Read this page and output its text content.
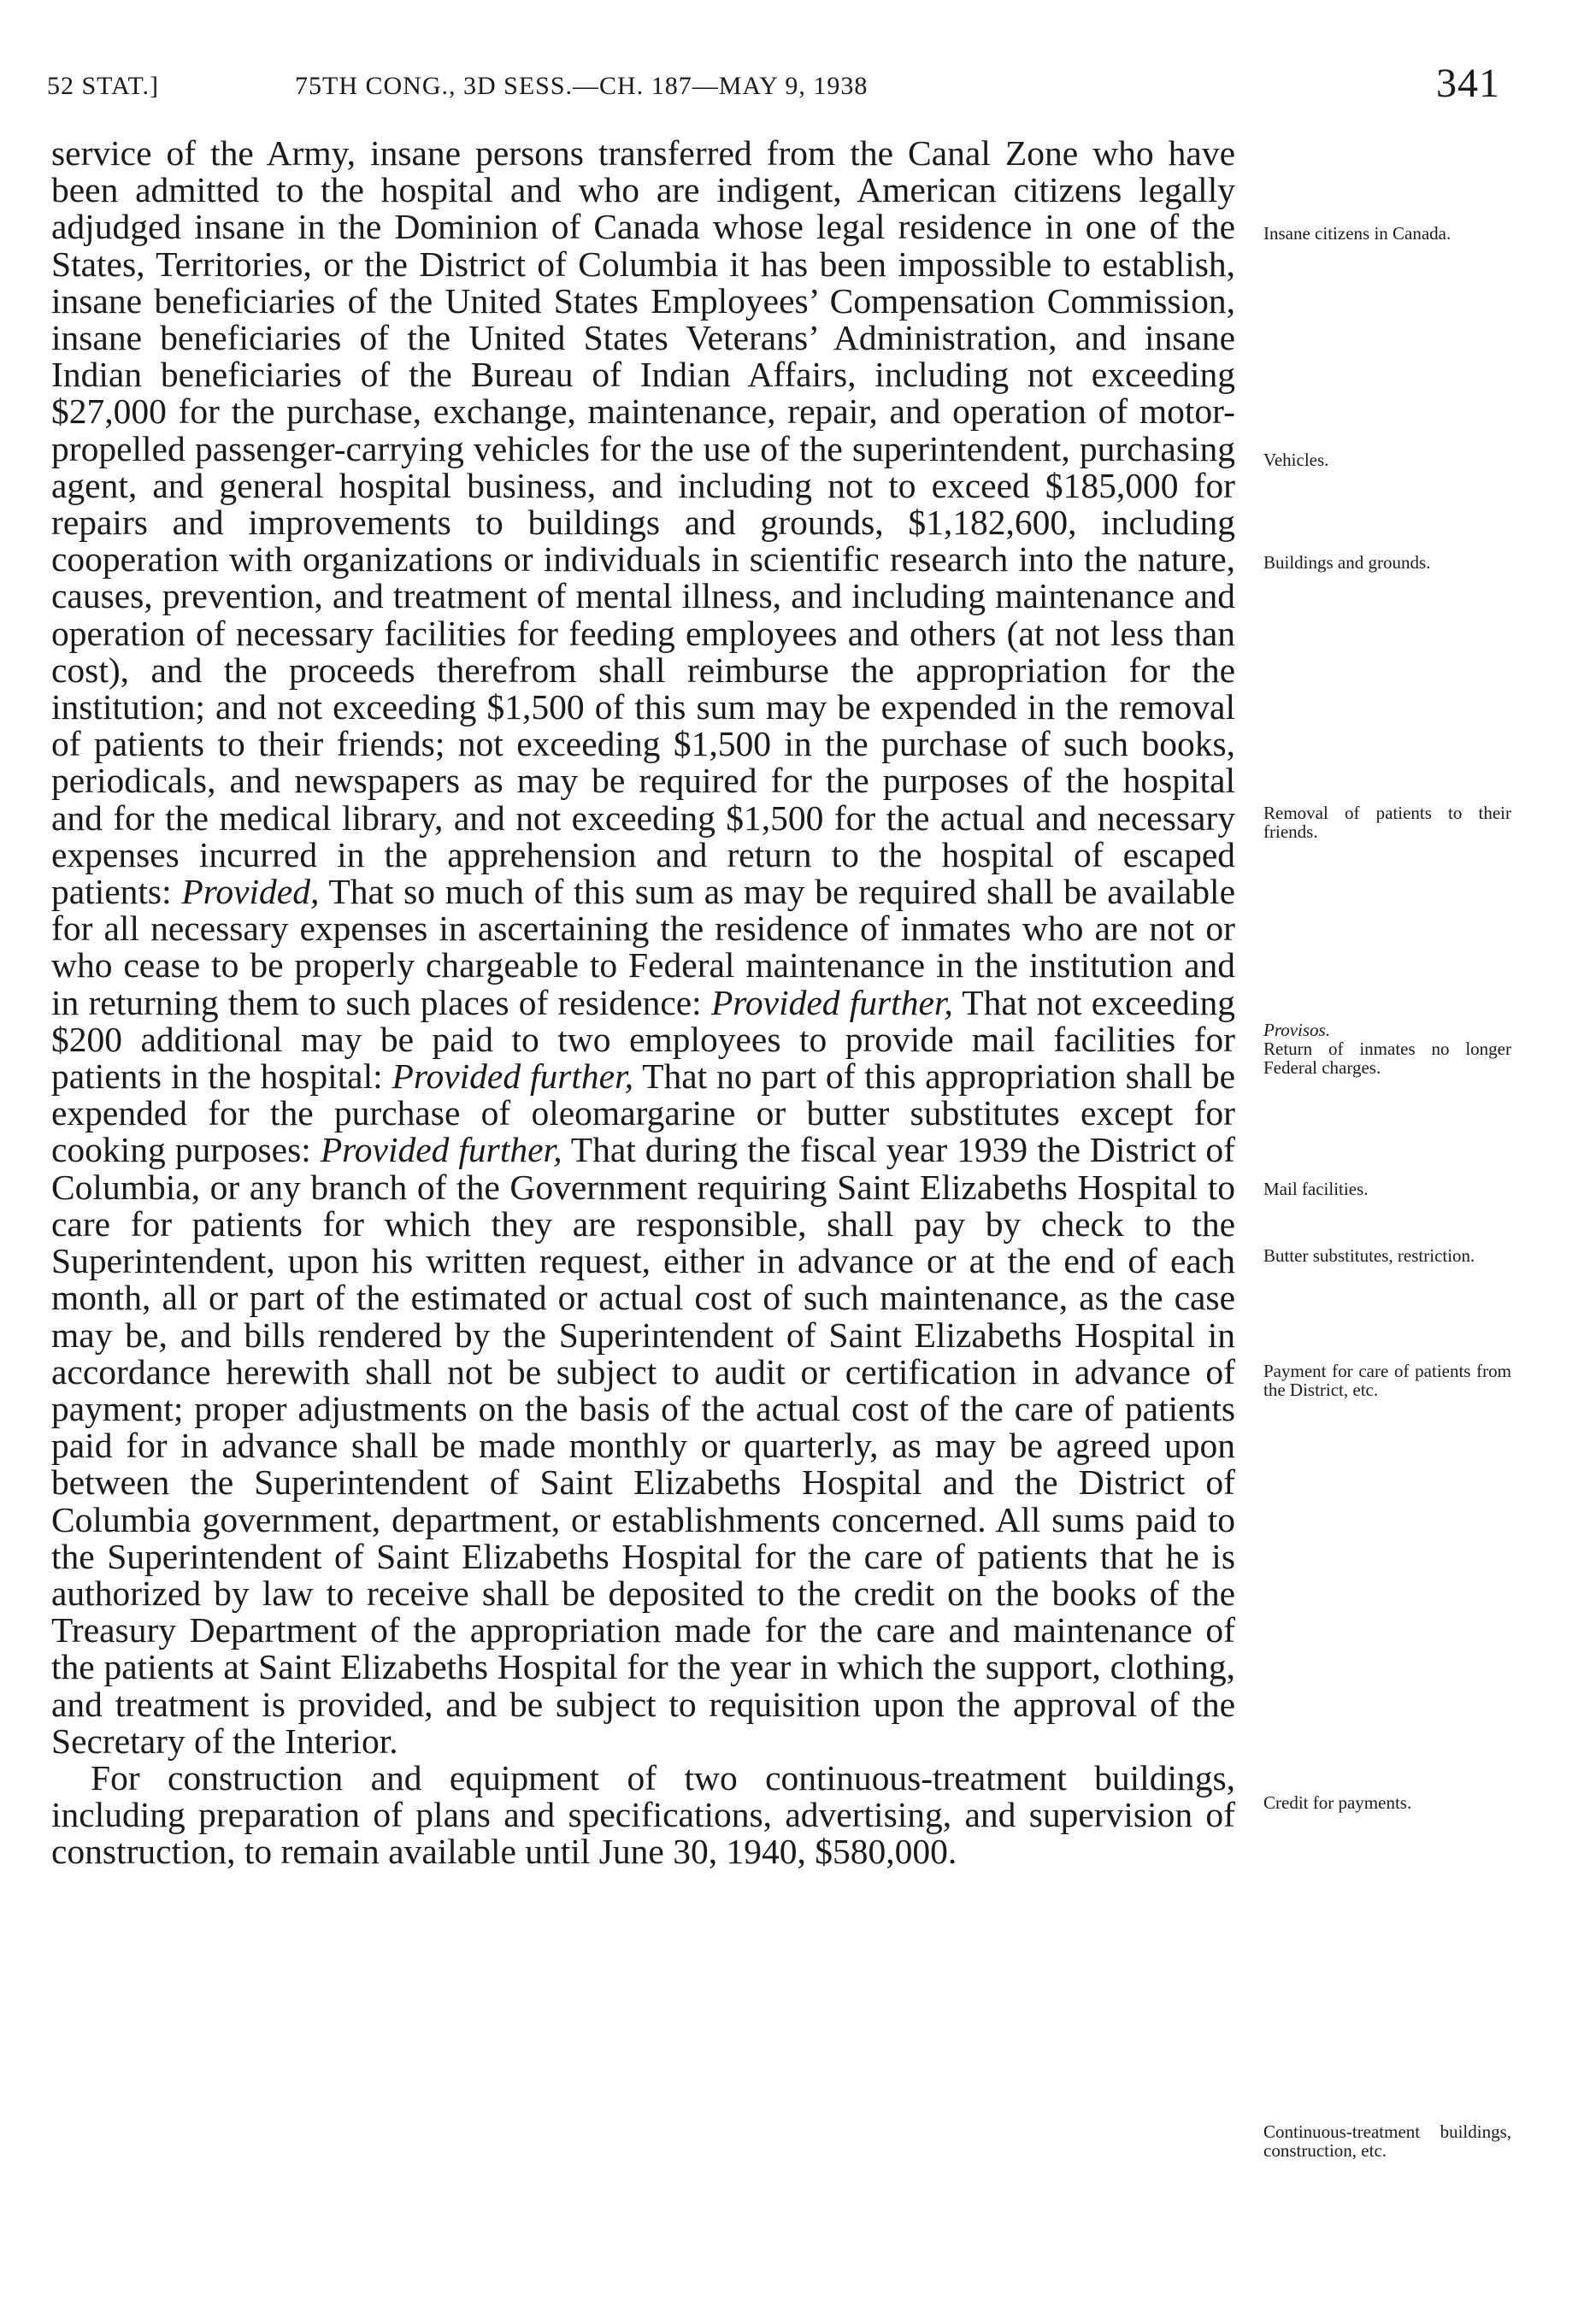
52 STAT.]	75TH CONG., 3D SESS.—CH. 187—MAY 9, 1938	341

service of the Army, insane persons transferred from the Canal Zone who have been admitted to the hospital and who are indigent, American citizens legally adjudged insane in the Dominion of Canada whose legal residence in one of the States, Territories, or the District of Columbia it has been impossible to establish, insane beneficiaries of the United States Employees’ Compensation Commission, insane beneficiaries of the United States Veterans’ Administration, and insane Indian beneficiaries of the Bureau of Indian Affairs, including not exceeding $27,000 for the purchase, exchange, maintenance, repair, and operation of motor-propelled passenger-carrying vehicles for the use of the superintendent, purchasing agent, and general hospital business, and including not to exceed $185,000 for repairs and improvements to buildings and grounds, $1,182,600, including cooperation with organizations or individuals in scientific research into the nature, causes, prevention, and treatment of mental illness, and including maintenance and operation of necessary facilities for feeding employees and others (at not less than cost), and the proceeds therefrom shall reimburse the appropriation for the institution; and not exceeding $1,500 of this sum may be expended in the removal of patients to their friends; not exceeding $1,500 in the purchase of such books, periodicals, and newspapers as may be required for the purposes of the hospital and for the medical library, and not exceeding $1,500 for the actual and necessary expenses incurred in the apprehension and return to the hospital of escaped patients: Provided, That so much of this sum as may be required shall be available for all necessary expenses in ascertaining the residence of inmates who are not or who cease to be properly chargeable to Federal maintenance in the institution and in returning them to such places of residence: Provided further, That not exceeding $200 additional may be paid to two employees to provide mail facilities for patients in the hospital: Provided further, That no part of this appropriation shall be expended for the purchase of oleomargarine or butter substitutes except for cooking purposes: Provided further, That during the fiscal year 1939 the District of Columbia, or any branch of the Government requiring Saint Elizabeths Hospital to care for patients for which they are responsible, shall pay by check to the Superintendent, upon his written request, either in advance or at the end of each month, all or part of the estimated or actual cost of such maintenance, as the case may be, and bills rendered by the Superintendent of Saint Elizabeths Hospital in accordance herewith shall not be subject to audit or certification in advance of payment; proper adjustments on the basis of the actual cost of the care of patients paid for in advance shall be made monthly or quarterly, as may be agreed upon between the Superintendent of Saint Elizabeths Hospital and the District of Columbia government, department, or establishments concerned. All sums paid to the Superintendent of Saint Elizabeths Hospital for the care of patients that he is authorized by law to receive shall be deposited to the credit on the books of the Treasury Department of the appropriation made for the care and maintenance of the patients at Saint Elizabeths Hospital for the year in which the support, clothing, and treatment is provided, and be subject to requisition upon the approval of the Secretary of the Interior.

For construction and equipment of two continuous-treatment buildings, including preparation of plans and specifications, advertising, and supervision of construction, to remain available until June 30, 1940, $580,000.

Insane citizens in Canada.
Vehicles.
Buildings and grounds.
Removal of patients to their friends.
Provisos.
Return of inmates no longer Federal charges.
Mail facilities.
Butter substitutes, restriction.
Payment for care of patients from the District, etc.
Credit for payments.
Continuous-treatment buildings, construction, etc.
